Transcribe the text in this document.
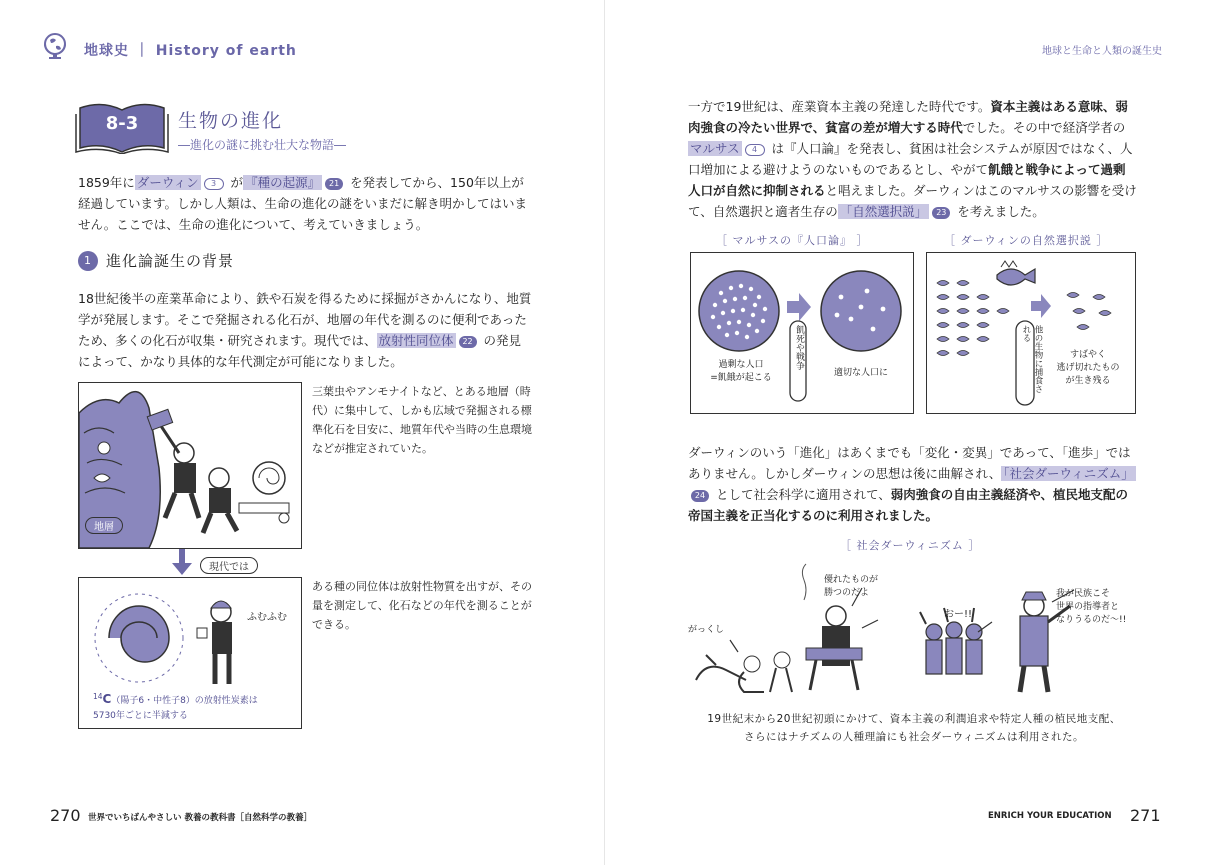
地球史 ｜ History of earth	地球と生命と人類の誕生史
8-3	生物の進化
―進化の謎に挑む壮大な物語―
1859年に ダーウィン 3 が 『種の起源』 21 を発表してから、150年以上が経過しています。しかし人類は、生命の進化の謎をいまだに解き明かしてはいません。ここでは、生命の進化について、考えていきましょう。
1 進化論誕生の背景
18世紀後半の産業革命により、鉄や石炭を得るために採掘がさかんになり、地質学が発展します。そこで発掘される化石が、地層の年代を測るのに便利であったため、多くの化石が収集・研究されます。現代では、 放射性同位体 22 の発見によって、かなり具体的な年代測定が可能になりました。
地層
三葉虫やアンモナイトなど、とある地層（時代）に集中して、しかも広域で発掘される標準化石を目安に、地質年代や当時の生息環境などが推定されていた。
現代では
ふむふむ
$^{14}$C（陽子6・中性子8）の放射性炭素は
5730年ごとに半減する
ある種の同位体は放射性物質を出すが、その量を測定して、化石などの年代を測ることができる。
一方で19世紀は、産業資本主義の発達した時代です。資本主義はある意味、弱肉強食の冷たい世界で、貧富の差が増大する時代でした。その中で経済学者のマルサス 4 は『人口論』を発表し、貧困は社会システムが原因ではなく、人口増加による避けようのないものであるとし、やがて飢餓と戦争によって過剰人口が自然に抑制されると唱えました。ダーウィンはこのマルサスの影響を受けて、自然選択と適者生存の 「自然選択説」 23 を考えました。
［ マルサスの『人口論』 ］
飢死や戦争
過剰な人口
=飢餓が起こる	適切な人口に
［ ダーウィンの自然選択説 ］
他の生物に捕食される
すばやく
逃げ切れたもの
が生き残る
ダーウィンのいう「進化」はあくまでも「変化・変異」であって、「進歩」ではありません。しかしダーウィンの思想は後に曲解され、 「社会ダーウィニズム」24 として社会科学に適用されて、弱肉強食の自由主義経済や、植民地支配の帝国主義を正当化するのに利用されました。
［ 社会ダーウィニズム ］
優れたものが
勝つのだよ
がっくし
おー!!
我が民族こそ
世界の指導者と
なりうるのだ～!!
19世紀末から20世紀初頭にかけて、資本主義の利潤追求や特定人種の植民地支配、
さらにはナチズムの人種理論にも社会ダーウィニズムは利用された。
270 世界でいちばんやさしい 教養の教科書［自然科学の教養］	ENRICH YOUR EDUCATION 271
